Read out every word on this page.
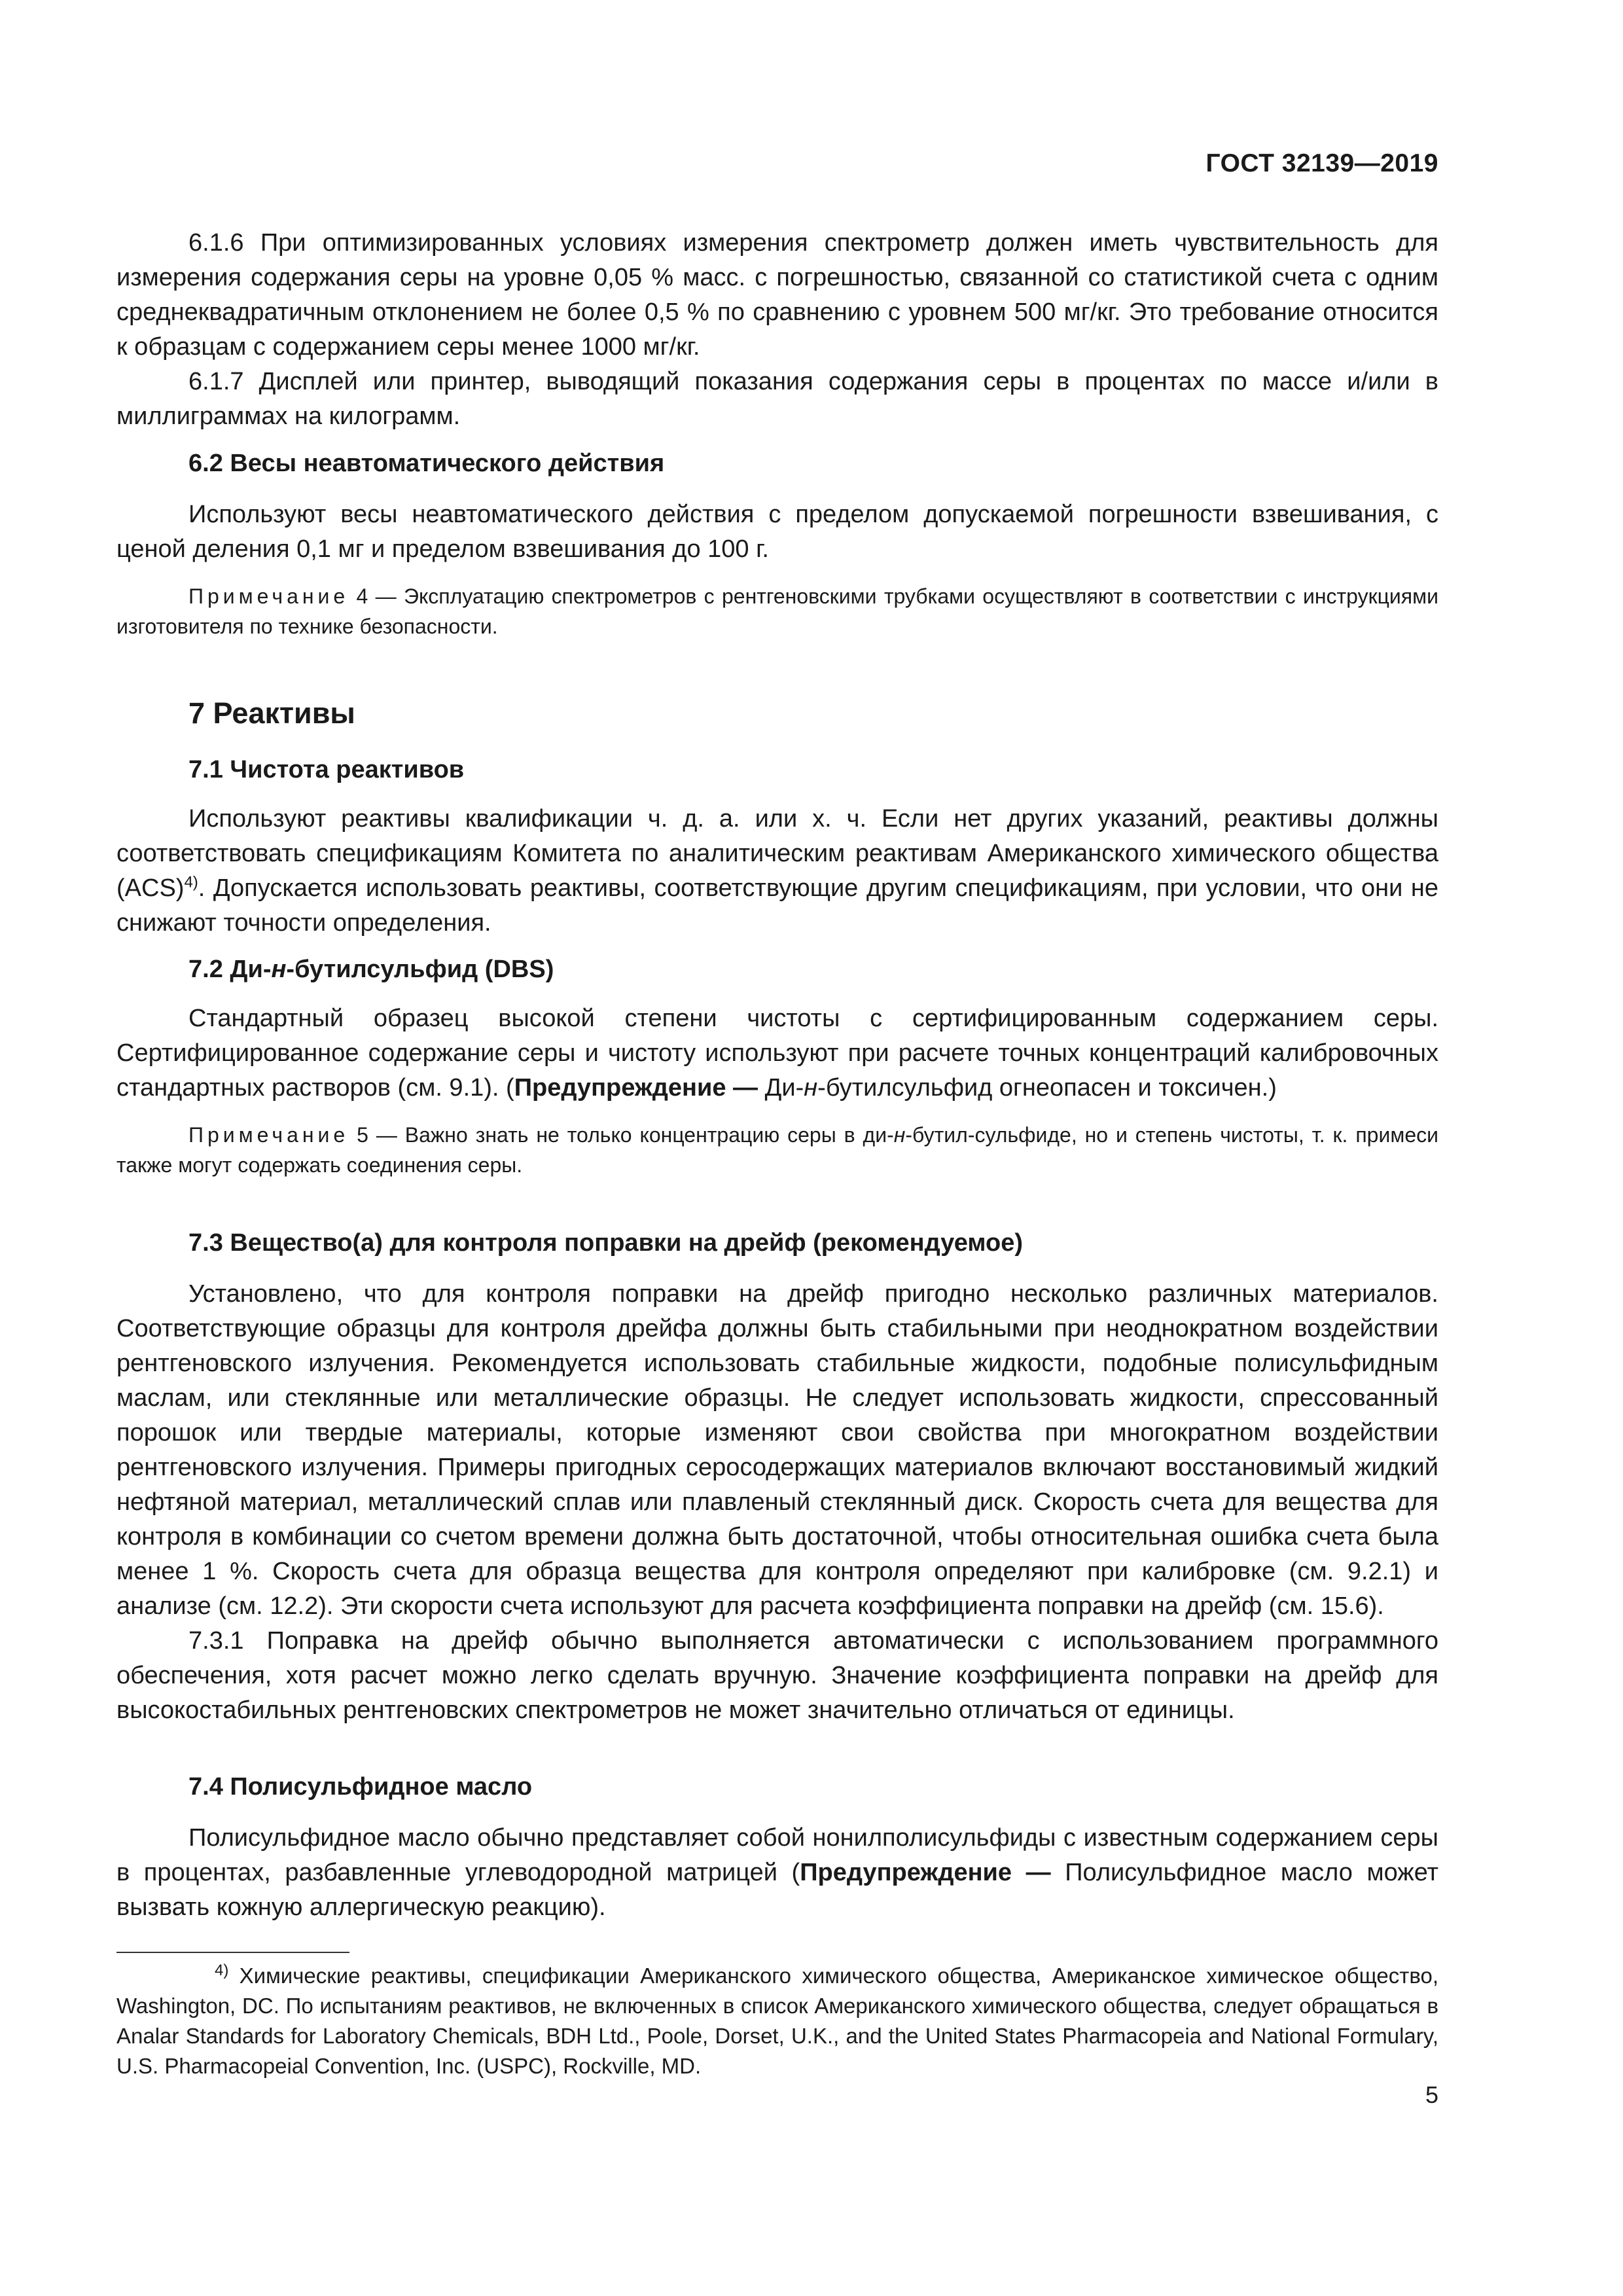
ГОСТ 32139—2019

6.1.6 При оптимизированных условиях измерения спектрометр должен иметь чувствительность для измерения содержания серы на уровне 0,05 % масс. с погрешностью, связанной со статистикой счета с одним среднеквадратичным отклонением не более 0,5 % по сравнению с уровнем 500 мг/кг. Это требование относится к образцам с содержанием серы менее 1000 мг/кг.

6.1.7 Дисплей или принтер, выводящий показания содержания серы в процентах по массе и/или в миллиграммах на килограмм.

6.2 Весы неавтоматического действия

Используют весы неавтоматического действия с пределом допускаемой погрешности взвешивания, с ценой деления 0,1 мг и пределом взвешивания до 100 г.

Примечание 4 — Эксплуатацию спектрометров с рентгеновскими трубками осуществляют в соответствии с инструкциями изготовителя по технике безопасности.

7 Реактивы
7.1 Чистота реактивов

Используют реактивы квалификации ч. д. а. или х. ч. Если нет других указаний, реактивы должны соответствовать спецификациям Комитета по аналитическим реактивам Американского химического общества (ACS)$^{4)}$. Допускается использовать реактивы, соответствующие другим спецификациям, при условии, что они не снижают точности определения.

7.2 Ди-н-бутилсульфид (DBS)

Стандартный образец высокой степени чистоты с сертифицированным содержанием серы. Сертифицированное содержание серы и чистоту используют при расчете точных концентраций калибровочных стандартных растворов (см. 9.1). (Предупреждение — Ди-н-бутилсульфид огнеопасен и токсичен.)

Примечание 5 — Важно знать не только концентрацию серы в ди-н-бутил-сульфиде, но и степень чистоты, т. к. примеси также могут содержать соединения серы.

7.3 Вещество(а) для контроля поправки на дрейф (рекомендуемое)

Установлено, что для контроля поправки на дрейф пригодно несколько различных материалов. Соответствующие образцы для контроля дрейфа должны быть стабильными при неоднократном воздействии рентгеновского излучения. Рекомендуется использовать стабильные жидкости, подобные полисульфидным маслам, или стеклянные или металлические образцы. Не следует использовать жидкости, спрессованный порошок или твердые материалы, которые изменяют свои свойства при многократном воздействии рентгеновского излучения. Примеры пригодных серосодержащих материалов включают восстановимый жидкий нефтяной материал, металлический сплав или плавленый стеклянный диск. Скорость счета для вещества для контроля в комбинации со счетом времени должна быть достаточной, чтобы относительная ошибка счета была менее 1 %. Скорость счета для образца вещества для контроля определяют при калибровке (см. 9.2.1) и анализе (см. 12.2). Эти скорости счета используют для расчета коэффициента поправки на дрейф (см. 15.6).

7.3.1 Поправка на дрейф обычно выполняется автоматически с использованием программного обеспечения, хотя расчет можно легко сделать вручную. Значение коэффициента поправки на дрейф для высокостабильных рентгеновских спектрометров не может значительно отличаться от единицы.

7.4 Полисульфидное масло

Полисульфидное масло обычно представляет собой нонилполисульфиды с известным содержанием серы в процентах, разбавленные углеводородной матрицей (Предупреждение — Полисульфидное масло может вызвать кожную аллергическую реакцию).

$^{4)}$ Химические реактивы, спецификации Американского химического общества, Американское химическое общество, Washington, DC. По испытаниям реактивов, не включенных в список Американского химического общества, следует обращаться в Analar Standards for Laboratory Chemicals, BDH Ltd., Poole, Dorset, U.K., and the United States Pharmacopeia and National Formulary, U.S. Pharmacopeial Convention, Inc. (USPC), Rockville, MD.

5
